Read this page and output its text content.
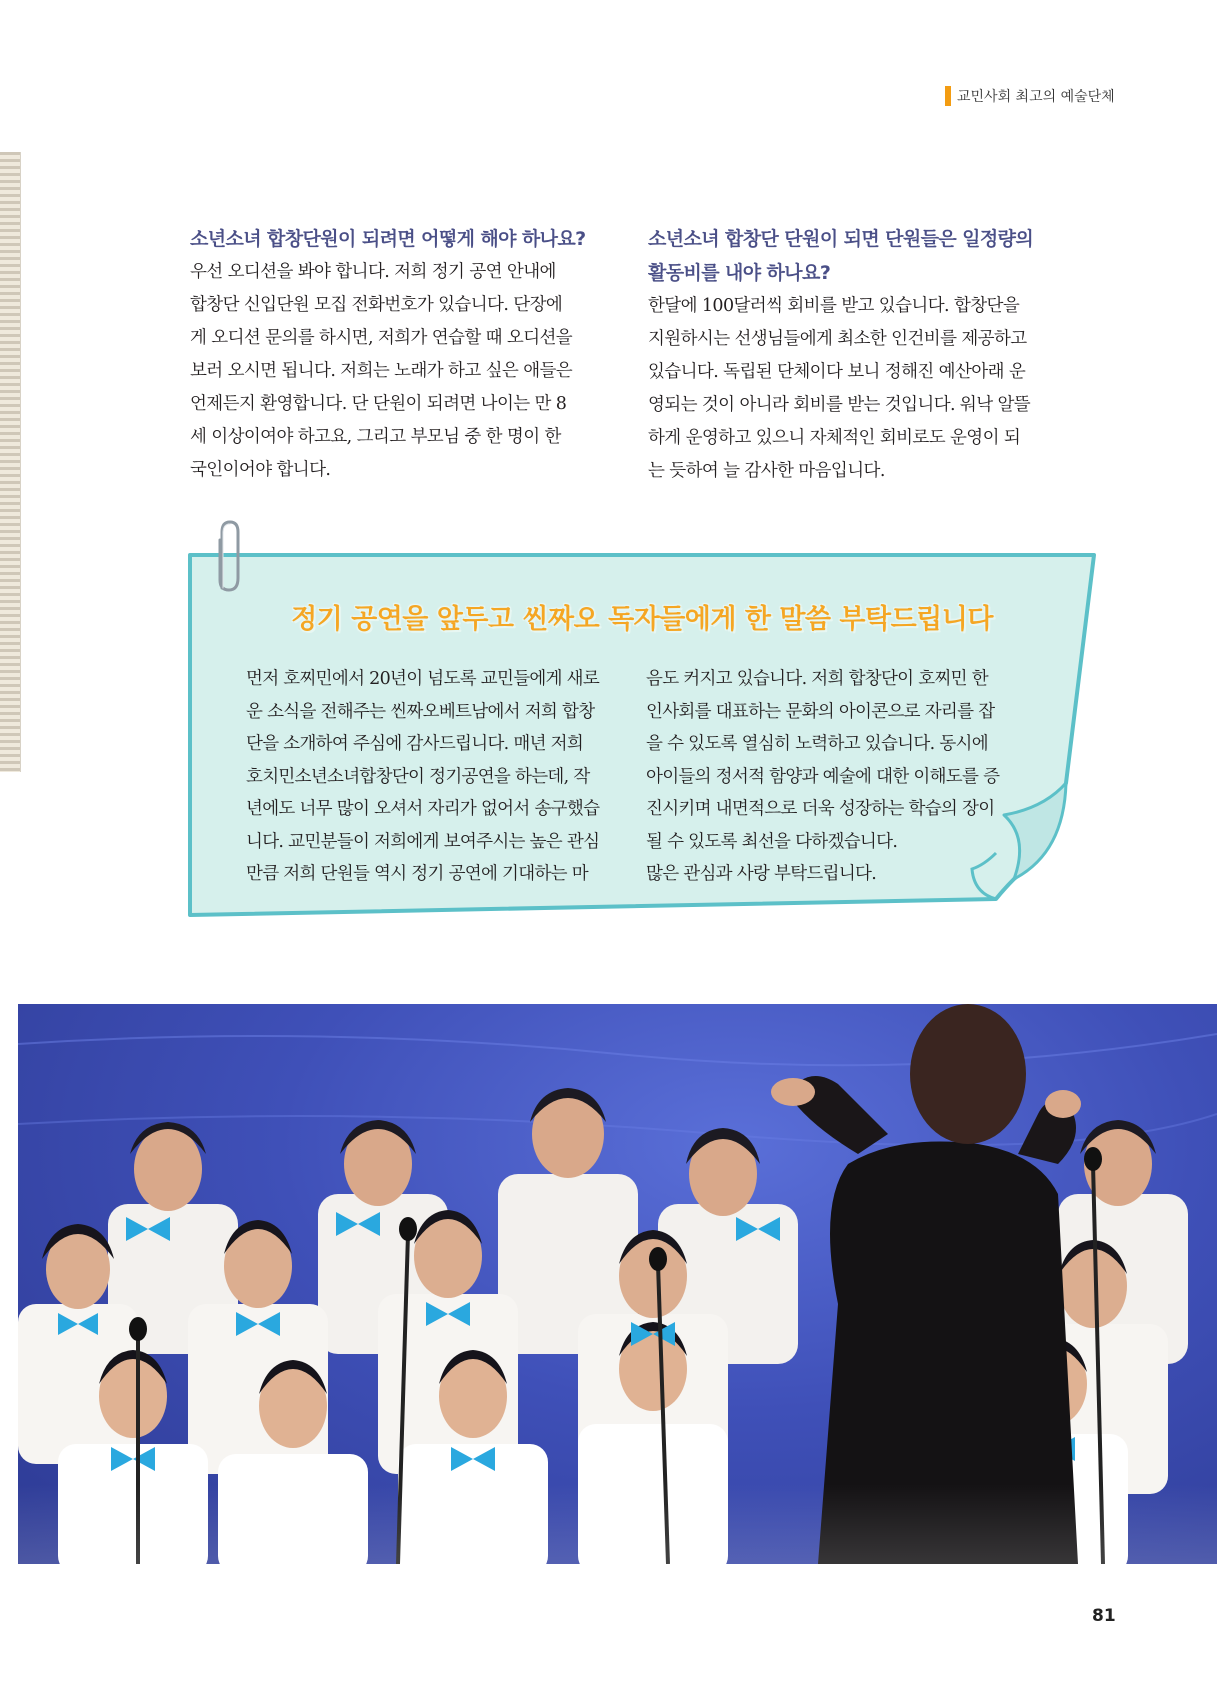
교민사회 최고의 예술단체
소년소녀 합창단원이 되려면 어떻게 해야 하나요?
우선 오디션을 봐야 합니다. 저희 정기 공연 안내에
합창단 신입단원 모집 전화번호가 있습니다. 단장에
게 오디션 문의를 하시면, 저희가 연습할 때 오디션을
보러 오시면 됩니다. 저희는 노래가 하고 싶은 애들은
언제든지 환영합니다. 단 단원이 되려면 나이는 만 8
세 이상이여야 하고요, 그리고 부모님 중 한 명이 한
국인이어야 합니다.
소년소녀 합창단 단원이 되면 단원들은 일정량의
활동비를 내야 하나요?
한달에 100달러씩 회비를 받고 있습니다. 합창단을
지원하시는 선생님들에게 최소한 인건비를 제공하고
있습니다. 독립된 단체이다 보니 정해진 예산아래 운
영되는 것이 아니라 회비를 받는 것입니다. 워낙 알뜰
하게 운영하고 있으니 자체적인 회비로도 운영이 되
는 듯하여 늘 감사한 마음입니다.
정기 공연을 앞두고 씬짜오 독자들에게 한 말씀 부탁드립니다
먼저 호찌민에서 20년이 넘도록 교민들에게 새로
운 소식을 전해주는 씬짜오베트남에서 저희 합창
단을 소개하여 주심에 감사드립니다. 매년 저희
호치민소년소녀합창단이 정기공연을 하는데, 작
년에도 너무 많이 오셔서 자리가 없어서 송구했습
니다. 교민분들이 저희에게 보여주시는 높은 관심
만큼 저희 단원들 역시 정기 공연에 기대하는 마
음도 커지고 있습니다. 저희 합창단이 호찌민 한
인사회를 대표하는 문화의 아이콘으로 자리를 잡
을 수 있도록 열심히 노력하고 있습니다. 동시에
아이들의 정서적 함양과 예술에 대한 이해도를 증
진시키며 내면적으로 더욱 성장하는 학습의 장이
될 수 있도록 최선을 다하겠습니다.
많은 관심과 사랑 부탁드립니다.
81
